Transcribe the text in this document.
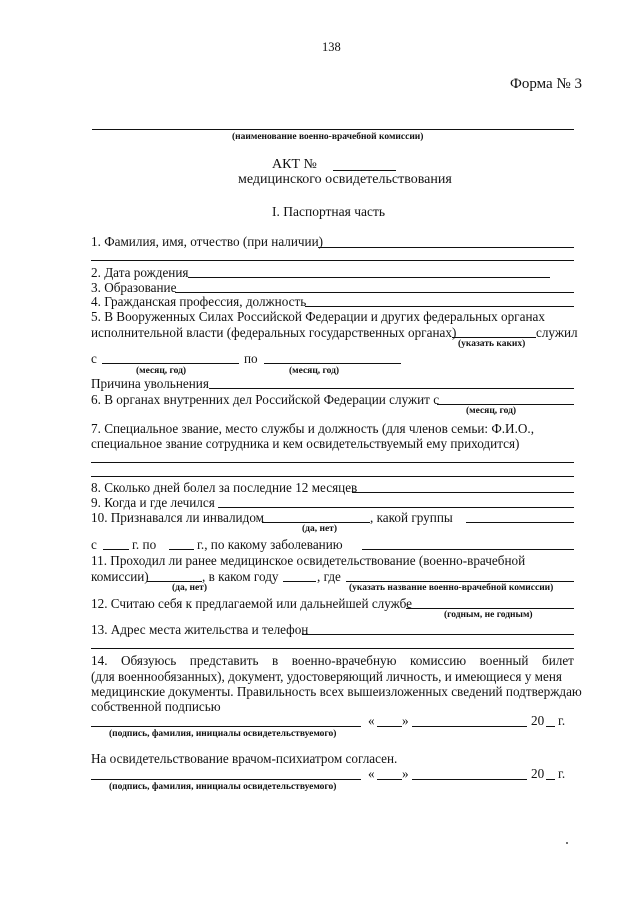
138
Форма № 3
(наименование военно-врачебной комиссии)
АКТ №
медицинского освидетельствования
I. Паспортная часть
1. Фамилия, имя, отчество (при наличии)
2. Дата рождения
3. Образование
4. Гражданская профессия, должность
5. В Вооруженных Силах Российской Федерации и других федеральных органах
исполнительной власти (федеральных государственных органах)	служил
(указать каких)
с	по
(месяц, год)	(месяц, год)
Причина увольнения
6. В органах внутренних дел Российской Федерации служит с
(месяц, год)
7. Специальное звание, место службы и должность (для членов семьи: Ф.И.О.,
специальное звание сотрудника и кем освидетельствуемый ему приходится)
8. Сколько дней болел за последние 12 месяцев
9. Когда и где лечился
10. Признавался ли инвалидом	, какой группы
(да, нет)
с	г. по	г., по какому заболеванию
11. Проходил ли ранее медицинское освидетельствование (военно-врачебной
комиссии)	, в каком году	, где
(да, нет)	(указать название военно-врачебной комиссии)
12. Считаю себя к предлагаемой или дальнейшей службе
(годным, не годным)
13. Адрес места жительства и телефон
14. Обязуюсь представить в военно-врачебную комиссию военный билет
(для военнообязанных), документ, удостоверяющий личность, и имеющиеся у меня
медицинские документы. Правильность всех вышеизложенных сведений подтверждаю
собственной подписью
« »	20 г.
(подпись, фамилия, инициалы освидетельствуемого)
На освидетельствование врачом-психиатром согласен.
« »	20 г.
(подпись, фамилия, инициалы освидетельствуемого)
